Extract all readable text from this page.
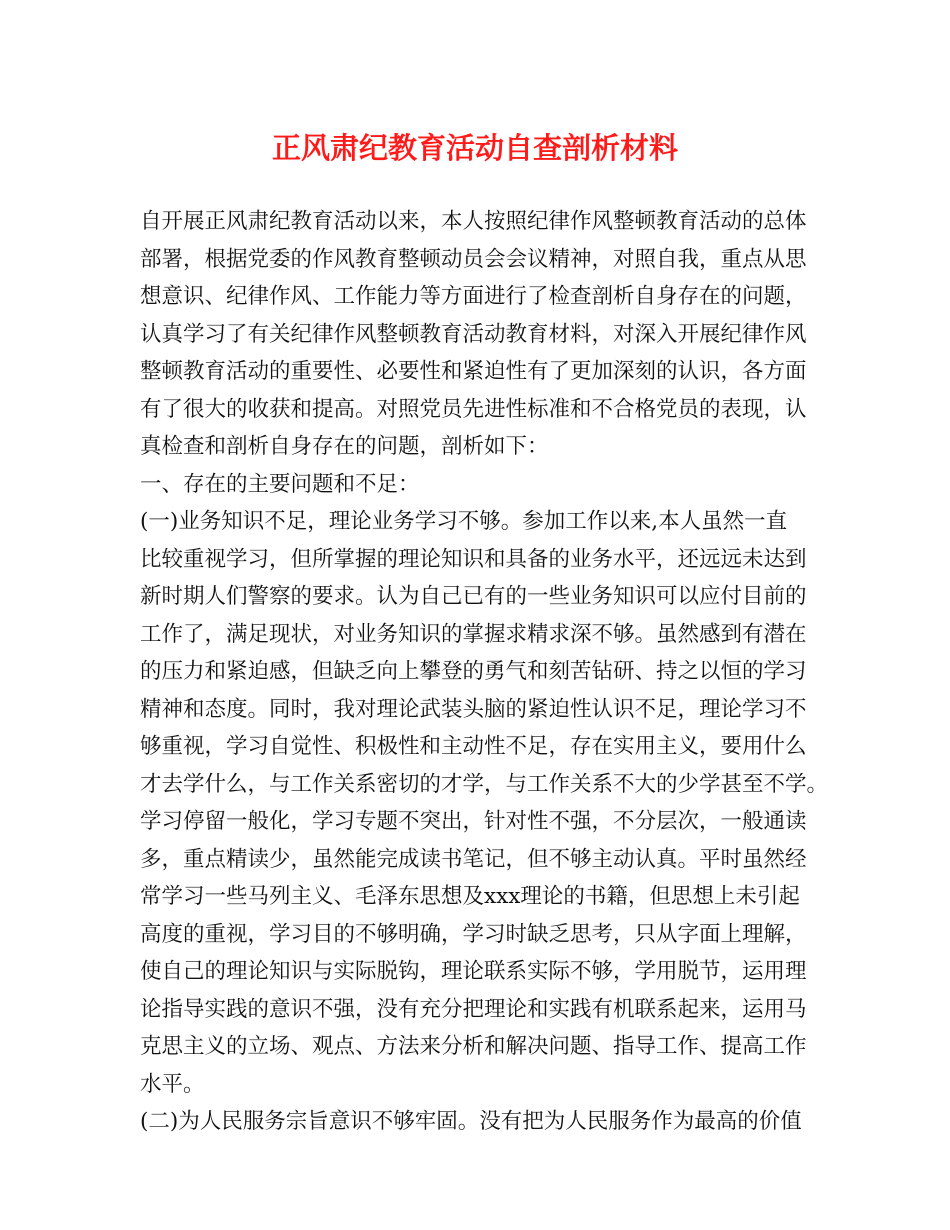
正风肃纪教育活动自查剖析材料
自开展正风肃纪教育活动以来，本人按照纪律作风整顿教育活动的总体
部署，根据党委的作风教育整顿动员会会议精神，对照自我，重点从思
想意识、纪律作风、工作能力等方面进行了检查剖析自身存在的问题，
认真学习了有关纪律作风整顿教育活动教育材料，对深入开展纪律作风
整顿教育活动的重要性、必要性和紧迫性有了更加深刻的认识，各方面
有了很大的收获和提高。对照党员先进性标准和不合格党员的表现，认
真检查和剖析自身存在的问题，剖析如下：
一、存在的主要问题和不足：
(一)业务知识不足，理论业务学习不够。参加工作以来,本人虽然一直
比较重视学习，但所掌握的理论知识和具备的业务水平，还远远未达到
新时期人们警察的要求。认为自己已有的一些业务知识可以应付目前的
工作了，满足现状，对业务知识的掌握求精求深不够。虽然感到有潜在
的压力和紧迫感，但缺乏向上攀登的勇气和刻苦钻研、持之以恒的学习
精神和态度。同时，我对理论武装头脑的紧迫性认识不足，理论学习不
够重视，学习自觉性、积极性和主动性不足，存在实用主义，要用什么
才去学什么，与工作关系密切的才学，与工作关系不大的少学甚至不学。
学习停留一般化，学习专题不突出，针对性不强，不分层次，一般通读
多，重点精读少，虽然能完成读书笔记，但不够主动认真。平时虽然经
常学习一些马列主义、毛泽东思想及xxx理论的书籍，但思想上未引起
高度的重视，学习目的不够明确，学习时缺乏思考，只从字面上理解，
使自己的理论知识与实际脱钩，理论联系实际不够，学用脱节，运用理
论指导实践的意识不强，没有充分把理论和实践有机联系起来，运用马
克思主义的立场、观点、方法来分析和解决问题、指导工作、提高工作
水平。
(二)为人民服务宗旨意识不够牢固。没有把为人民服务作为最高的价值
